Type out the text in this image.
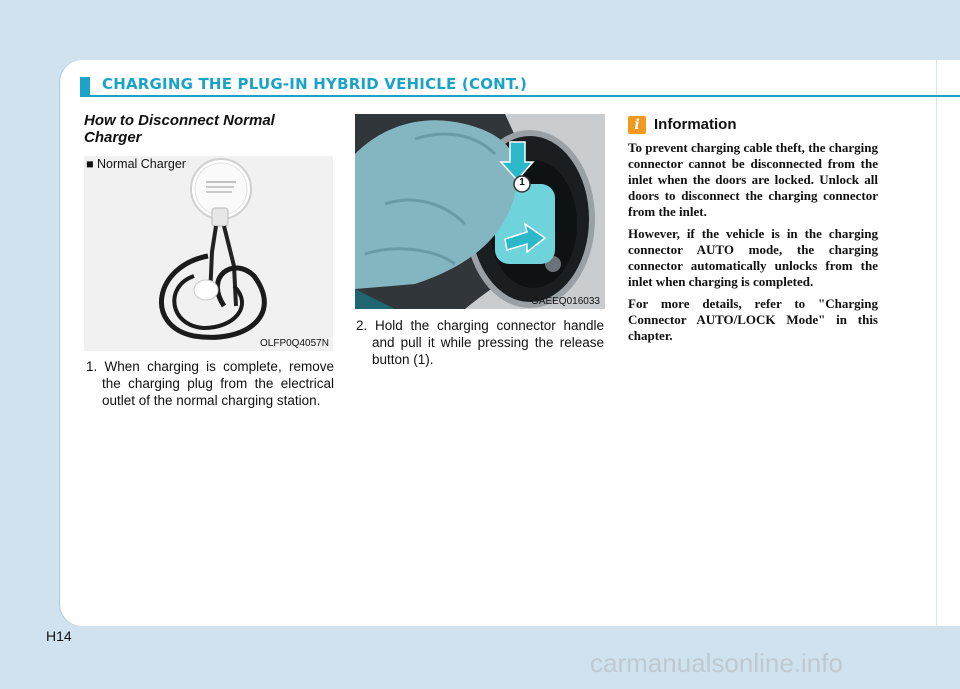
CHARGING THE PLUG-IN HYBRID VEHICLE (CONT.)
How to Disconnect Normal Charger
■ Normal Charger
OLFP0Q4057N
1
OAEEQ016033
1. When charging is complete, remove the charging plug from the electrical outlet of the normal charging station.
2. Hold the charging connector handle and pull it while pressing the release button (1).
i Information

To prevent charging cable theft, the charging connector cannot be disconnected from the inlet when the doors are locked. Unlock all doors to disconnect the charging connector from the inlet.

However, if the vehicle is in the charging connector AUTO mode, the charging connector automatically unlocks from the inlet when charging is completed.

For more details, refer to "Charging Connector AUTO/LOCK Mode" in this chapter.

H14
carmanualsonline.info
